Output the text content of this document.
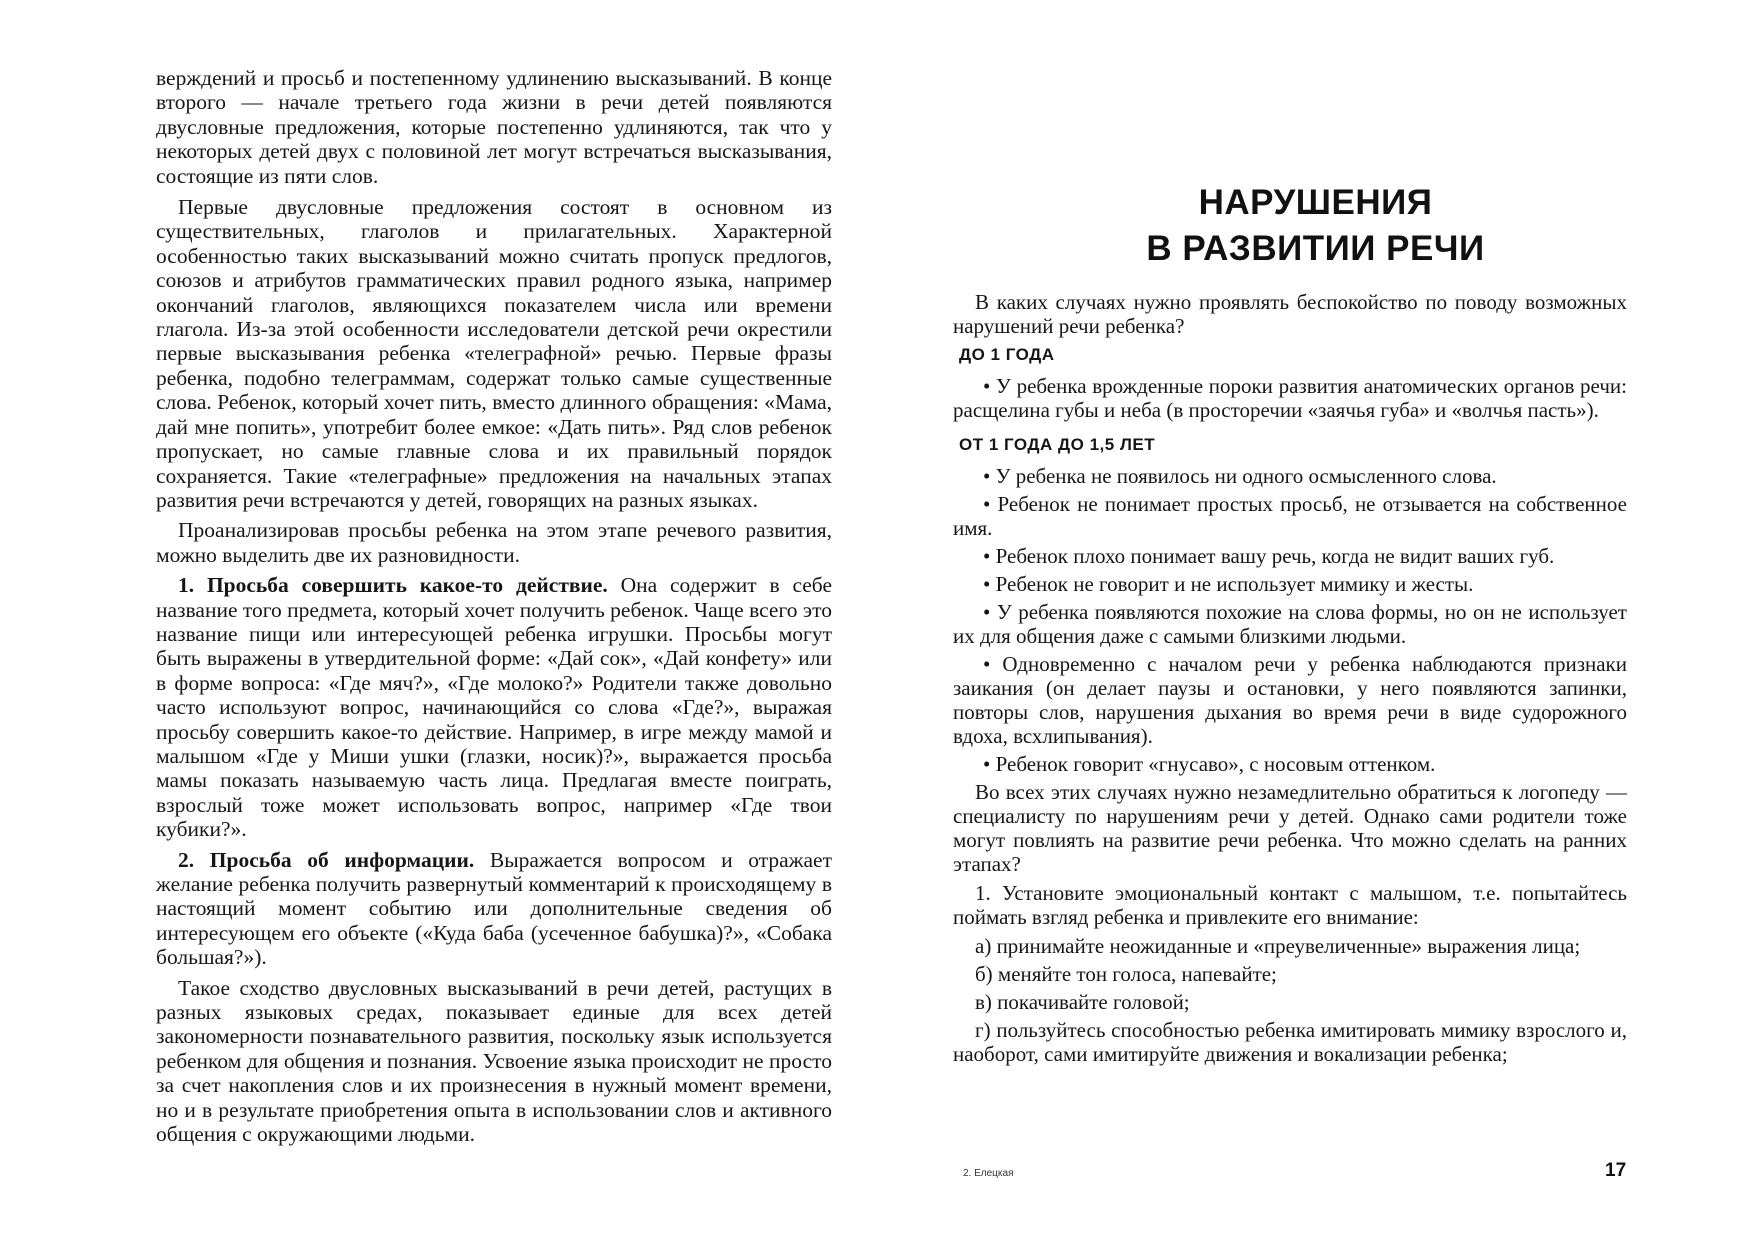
верждений и просьб и постепенному удлинению высказываний. В конце второго — начале третьего года жизни в речи детей появляются двусловные предложения, которые постепенно удлиняются, так что у некоторых детей двух с половиной лет могут встречаться высказывания, состоящие из пяти слов.

Первые двусловные предложения состоят в основном из существительных, глаголов и прилагательных. Характерной особенностью таких высказываний можно считать пропуск предлогов, союзов и атрибутов грамматических правил родного языка, например окончаний глаголов, являющихся показателем числа или времени глагола. Из-за этой особенности исследователи детской речи окрестили первые высказывания ребенка «телеграфной» речью. Первые фразы ребенка, подобно телеграммам, содержат только самые существенные слова. Ребенок, который хочет пить, вместо длинного обращения: «Мама, дай мне попить», употребит более емкое: «Дать пить». Ряд слов ребенок пропускает, но самые главные слова и их правильный порядок сохраняется. Такие «телеграфные» предложения на начальных этапах развития речи встречаются у детей, говорящих на разных языках.

Проанализировав просьбы ребенка на этом этапе речевого развития, можно выделить две их разновидности.

1. Просьба совершить какое-то действие. Она содержит в себе название того предмета, который хочет получить ребенок. Чаще всего это название пищи или интересующей ребенка игрушки. Просьбы могут быть выражены в утвердительной форме: «Дай сок», «Дай конфету» или в форме вопроса: «Где мяч?», «Где молоко?» Родители также довольно часто используют вопрос, начинающийся со слова «Где?», выражая просьбу совершить какое-то действие. Например, в игре между мамой и малышом «Где у Миши ушки (глазки, носик)?», выражается просьба мамы показать называемую часть лица. Предлагая вместе поиграть, взрослый тоже может использовать вопрос, например «Где твои кубики?».

2. Просьба об информации. Выражается вопросом и отражает желание ребенка получить развернутый комментарий к происходящему в настоящий момент событию или дополнительные сведения об интересующем его объекте («Куда баба (усеченное бабушка)?», «Собака большая?»).

Такое сходство двусловных высказываний в речи детей, растущих в разных языковых средах, показывает единые для всех детей закономерности познавательного развития, поскольку язык используется ребенком для общения и познания. Усвоение языка происходит не просто за счет накопления слов и их произнесения в нужный момент времени, но и в результате приобретения опыта в использовании слов и активного общения с окружающими людьми.

НАРУШЕНИЯ
В РАЗВИТИИ РЕЧИ

В каких случаях нужно проявлять беспокойство по поводу возможных нарушений речи ребенка?

ДО 1 ГОДА

• У ребенка врожденные пороки развития анатомических органов речи: расщелина губы и неба (в просторечии «заячья губа» и «волчья пасть»).

ОТ 1 ГОДА ДО 1,5 ЛЕТ

• У ребенка не появилось ни одного осмысленного слова.

• Ребенок не понимает простых просьб, не отзывается на собственное имя.

• Ребенок плохо понимает вашу речь, когда не видит ваших губ.

• Ребенок не говорит и не использует мимику и жесты.

• У ребенка появляются похожие на слова формы, но он не использует их для общения даже с самыми близкими людьми.

• Одновременно с началом речи у ребенка наблюдаются признаки заикания (он делает паузы и остановки, у него появляются запинки, повторы слов, нарушения дыхания во время речи в виде судорожного вдоха, всхлипывания).

• Ребенок говорит «гнусаво», с носовым оттенком.

Во всех этих случаях нужно незамедлительно обратиться к логопеду — специалисту по нарушениям речи у детей. Однако сами родители тоже могут повлиять на развитие речи ребенка. Что можно сделать на ранних этапах?

1. Установите эмоциональный контакт с малышом, т.е. попытайтесь поймать взгляд ребенка и привлеките его внимание:

а) принимайте неожиданные и «преувеличенные» выражения лица;

б) меняйте тон голоса, напевайте;

в) покачивайте головой;

г) пользуйтесь способностью ребенка имитировать мимику взрослого и, наоборот, сами имитируйте движения и вокализации ребенка;

2. Елецкая	17
